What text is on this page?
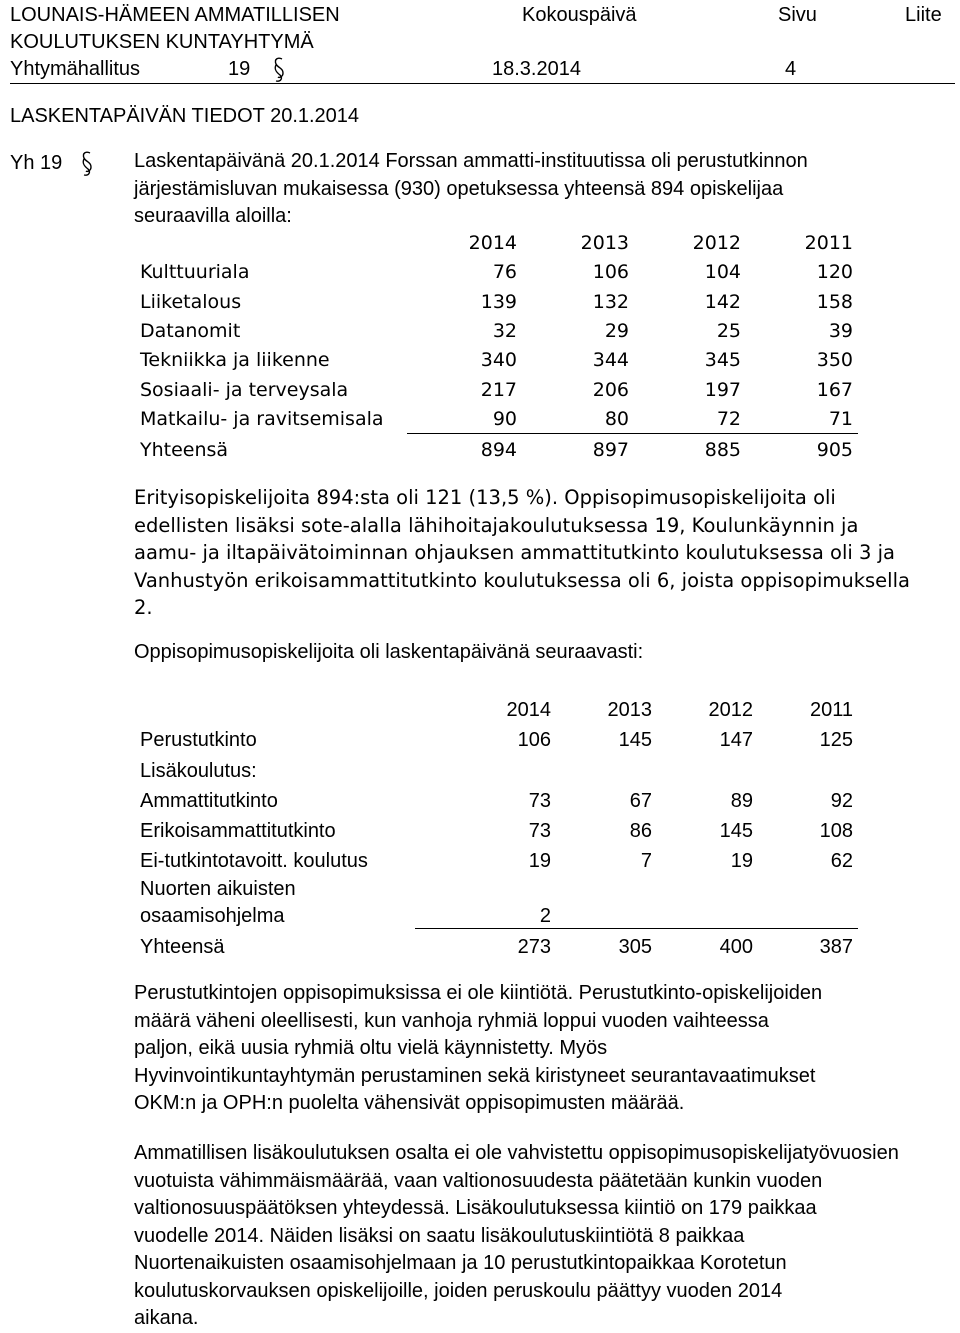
LOUNAIS-HÄMEEN AMMATILLISEN
KOULUTUKSEN KUNTAYHTYMÄ
Kokouspäivä	Sivu	Liite
Yhtymähallitus	19	18.3.2014	4
LASKENTAPÄIVÄN TIEDOT 20.1.2014
Yh 19	Laskentapäivänä 20.1.2014 Forssan ammatti-instituutissa oli perustutkinnon
järjestämisluvan mukaisessa (930) opetuksessa yhteensä 894 opiskelijaa
seuraavilla aloilla:
2014	2013	2012	2011
Kulttuuriala	76	106	104	120
Liiketalous	139	132	142	158
Datanomit	32	29	25	39
Tekniikka ja liikenne	340	344	345	350
Sosiaali- ja terveysala	217	206	197	167
Matkailu- ja ravitsemisala	90	80	72	71
Yhteensä	894	897	885	905
Erityisopiskelijoita 894:sta oli 121 (13,5 %). Oppisopimusopiskelijoita oli
edellisten lisäksi sote-alalla lähihoitajakoulutuksessa 19, Koulunkäynnin ja
aamu- ja iltapäivätoiminnan ohjauksen ammattitutkinto koulutuksessa oli 3 ja
Vanhustyön erikoisammattitutkinto koulutuksessa oli 6, joista oppisopimuksella
2.
Oppisopimusopiskelijoita oli laskentapäivänä seuraavasti:
2014	2013	2012	2011
Perustutkinto	106	145	147	125
Lisäkoulutus:
Ammattitutkinto	73	67	89	92
Erikoisammattitutkinto	73	86	145	108
Ei-tutkintotavoitt. koulutus	19	7	19	62
Nuorten aikuisten
osaamisohjelma	2
Yhteensä	273	305	400	387
Perustutkintojen oppisopimuksissa ei ole kiintiötä. Perustutkinto-opiskelijoiden
määrä väheni oleellisesti, kun vanhoja ryhmiä loppui vuoden vaihteessa
paljon, eikä uusia ryhmiä oltu vielä käynnistetty. Myös
Hyvinvointikuntayhtymän perustaminen sekä kiristyneet seurantavaatimukset
OKM:n ja OPH:n puolelta vähensivät oppisopimusten määrää.
Ammatillisen lisäkoulutuksen osalta ei ole vahvistettu oppisopimusopiskelijatyövuosien
vuotuista vähimmäismäärää, vaan valtionosuudesta päätetään kunkin vuoden
valtionosuuspäätöksen yhteydessä. Lisäkoulutuksessa kiintiö on 179 paikkaa
vuodelle 2014. Näiden lisäksi on saatu lisäkoulutuskiintiötä 8 paikkaa
Nuortenaikuisten osaamisohjelmaan ja 10 perustutkintopaikkaa Korotetun
koulutuskorvauksen opiskelijoille, joiden peruskoulu päättyy vuoden 2014
aikana.
